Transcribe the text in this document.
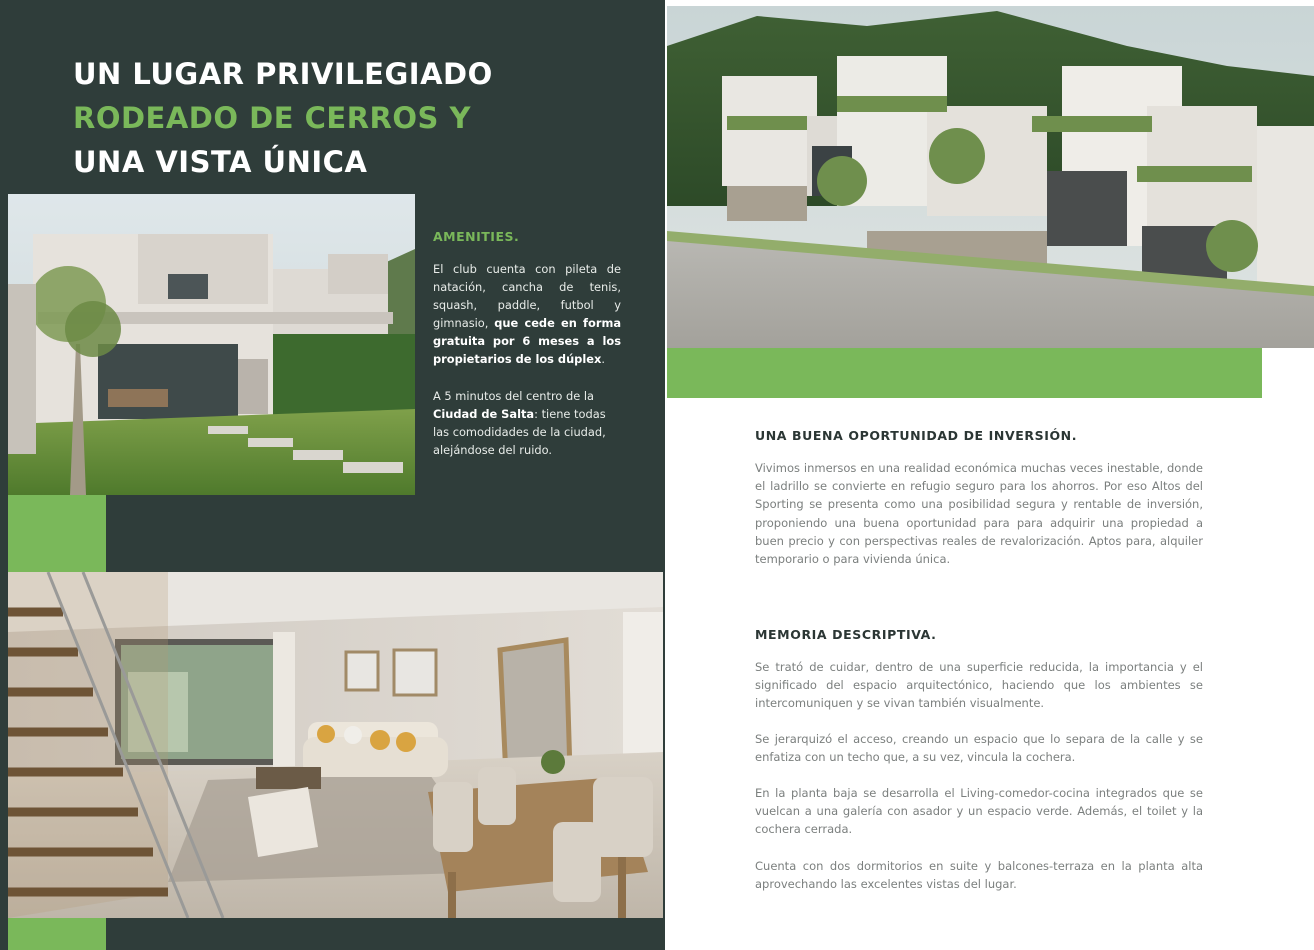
UN LUGAR PRIVILEGIADO
RODEADO DE CERROS Y
UNA VISTA ÚNICA
AMENITIES.

El club cuenta con pileta de natación, cancha de tenis, squash, paddle, futbol y gimnasio, que cede en forma gratuita por 6 meses a los propietarios de los dúplex.

A 5 minutos del centro de la Ciudad de Salta: tiene todas las comodidades de la ciudad, alejándose del ruido.

UNA BUENA OPORTUNIDAD DE INVERSIÓN.

Vivimos inmersos en una realidad económica muchas veces inestable, donde el ladrillo se convierte en refugio seguro para los ahorros. Por eso Altos del Sporting se presenta como una posibilidad segura y rentable de inversión, proponiendo una buena oportunidad para para adquirir una propiedad a buen precio y con perspectivas reales de revalorización. Aptos para, alquiler temporario o para vivienda única.

MEMORIA DESCRIPTIVA.

Se trató de cuidar, dentro de una superficie reducida, la importancia y el significado del espacio arquitectónico, haciendo que los ambientes se intercomuniquen y se vivan también visualmente.

Se jerarquizó el acceso, creando un espacio que lo separa de la calle y se enfatiza con un techo que, a su vez, vincula la cochera.

En la planta baja se desarrolla el Living-comedor-cocina integrados que se vuelcan a una galería con asador y un espacio verde. Además, el toilet y la cochera cerrada.

Cuenta con dos dormitorios en suite y balcones-terraza en la planta alta aprovechando las excelentes vistas del lugar.
